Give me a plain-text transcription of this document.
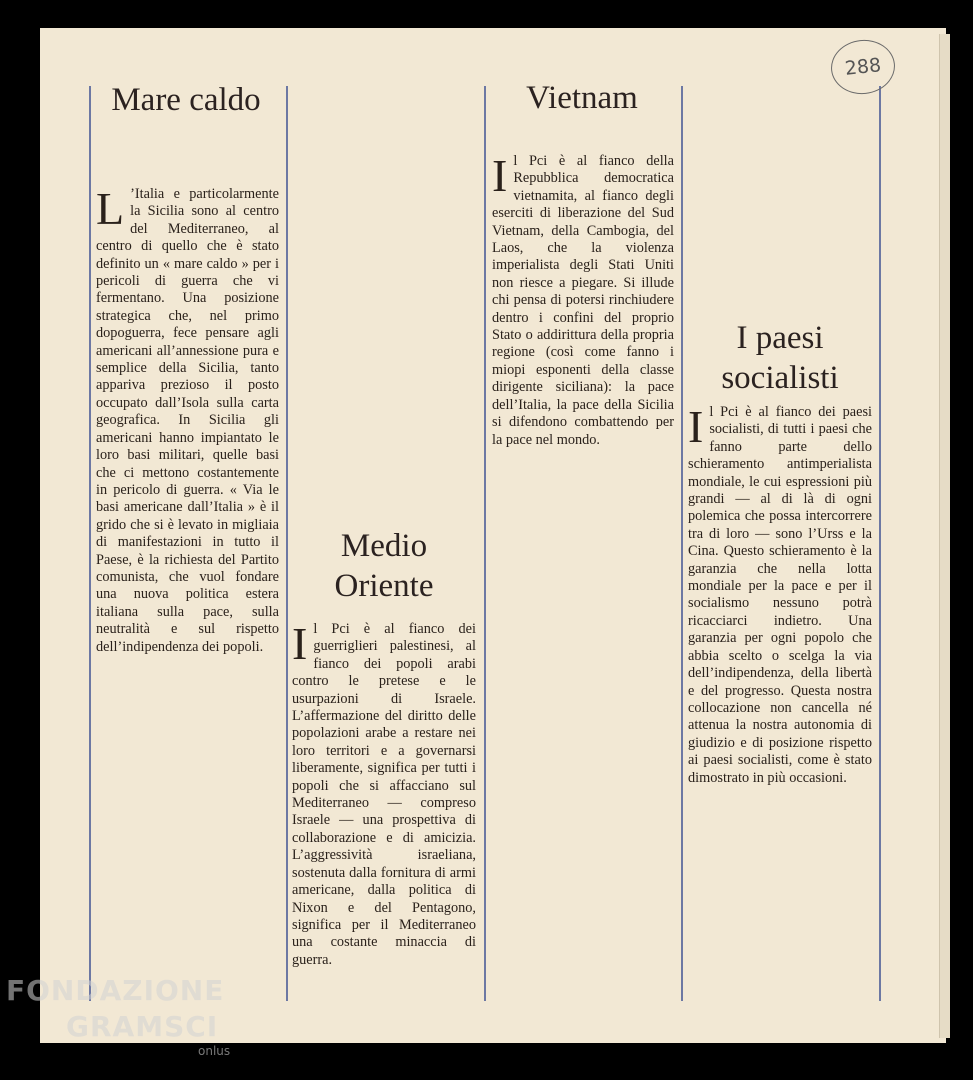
288
Mare caldo
L ’Italia e particolarmente la Sicilia sono al centro del Mediterraneo, al centro di quello che è stato definito un « mare caldo » per i pericoli di guerra che vi fermentano. Una posizione strategica che, nel primo dopoguerra, fece pensare agli americani all’annessione pura e semplice della Sicilia, tanto appariva prezioso il posto occupato dall’Isola sulla carta geografica. In Sicilia gli americani hanno impiantato le loro basi militari, quelle basi che ci mettono costantemente in pericolo di guerra. « Via le basi americane dall’Italia » è il grido che si è levato in migliaia di manifestazioni in tutto il Paese, è la richiesta del Partito comunista, che vuol fondare una nuova politica estera italiana sulla pace, sulla neutralità e sul rispetto dell’indipendenza dei popoli.
Medio Oriente
Il Pci è al fianco dei guerriglieri palestinesi, al fianco dei popoli arabi contro le pretese e le usurpazioni di Israele. L’affermazione del diritto delle popolazioni arabe a restare nei loro territori e a governarsi liberamente, significa per tutti i popoli che si affacciano sul Mediterraneo — compreso Israele — una prospettiva di collaborazione e di amicizia. L’aggressività israeliana, sostenuta dalla fornitura di armi americane, dalla politica di Nixon e del Pentagono, significa per il Mediterraneo una costante minaccia di guerra.
Vietnam
Il Pci è al fianco della Repubblica democratica vietnamita, al fianco degli eserciti di liberazione del Sud Vietnam, della Cambogia, del Laos, che la violenza imperialista degli Stati Uniti non riesce a piegare. Si illude chi pensa di potersi rinchiudere dentro i confini del proprio Stato o addirittura della propria regione (così come fanno i miopi esponenti della classe dirigente siciliana): la pace dell’Italia, la pace della Sicilia si difendono combattendo per la pace nel mondo.
I paesi socialisti
Il Pci è al fianco dei paesi socialisti, di tutti i paesi che fanno parte dello schieramento antimperialista mondiale, le cui espressioni più grandi — al di là di ogni polemica che possa intercorrere tra di loro — sono l’Urss e la Cina. Questo schieramento è la garanzia che nella lotta mondiale per la pace e per il socialismo nessuno potrà ricacciarci indietro. Una garanzia per ogni popolo che abbia scelto o scelga la via dell’indipendenza, della libertà e del progresso. Questa nostra collocazione non cancella né attenua la nostra autonomia di giudizio e di posizione rispetto ai paesi socialisti, come è stato dimostrato in più occasioni.
FONDAZIONE
GRAMSCI
onlus
